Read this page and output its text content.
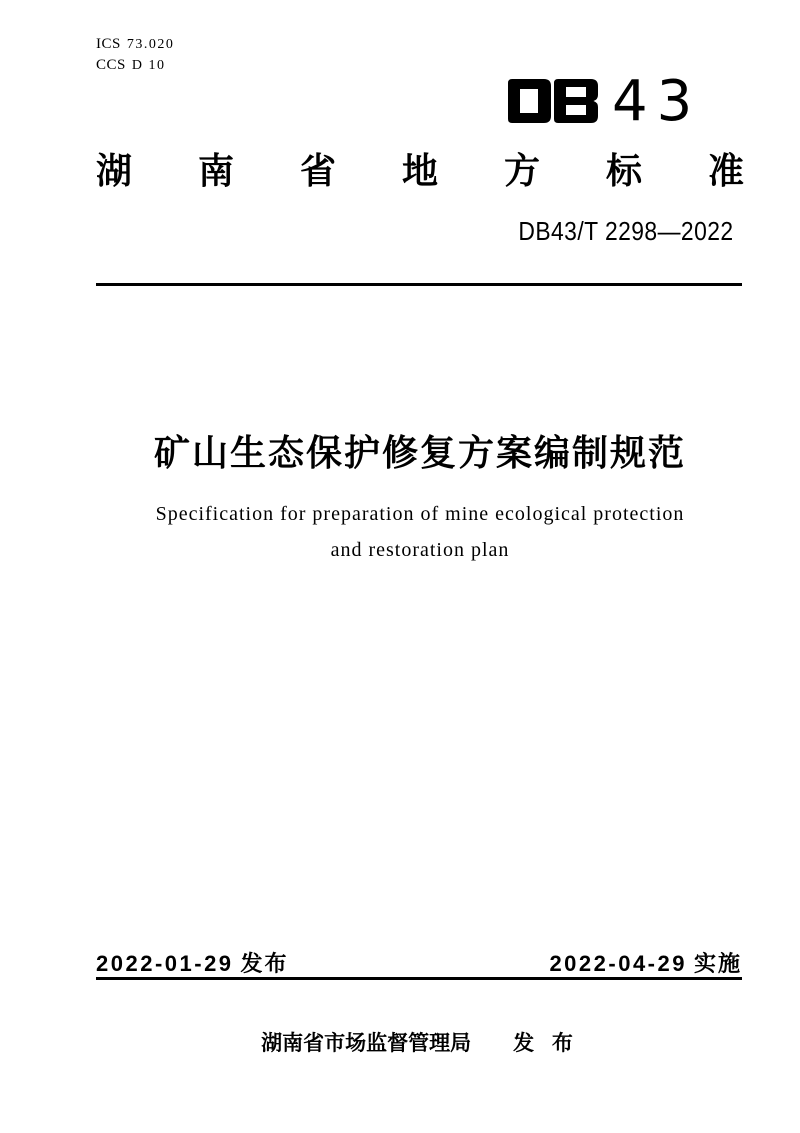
ICS 73.020
CCS D 10
43
湖南省地方标准
DB43/T 2298—2022
矿山生态保护修复方案编制规范
Specification for preparation of mine ecological protection
and restoration plan
2022-01-29 发布	2022-04-29 实施
湖南省市场监督管理局 发 布
